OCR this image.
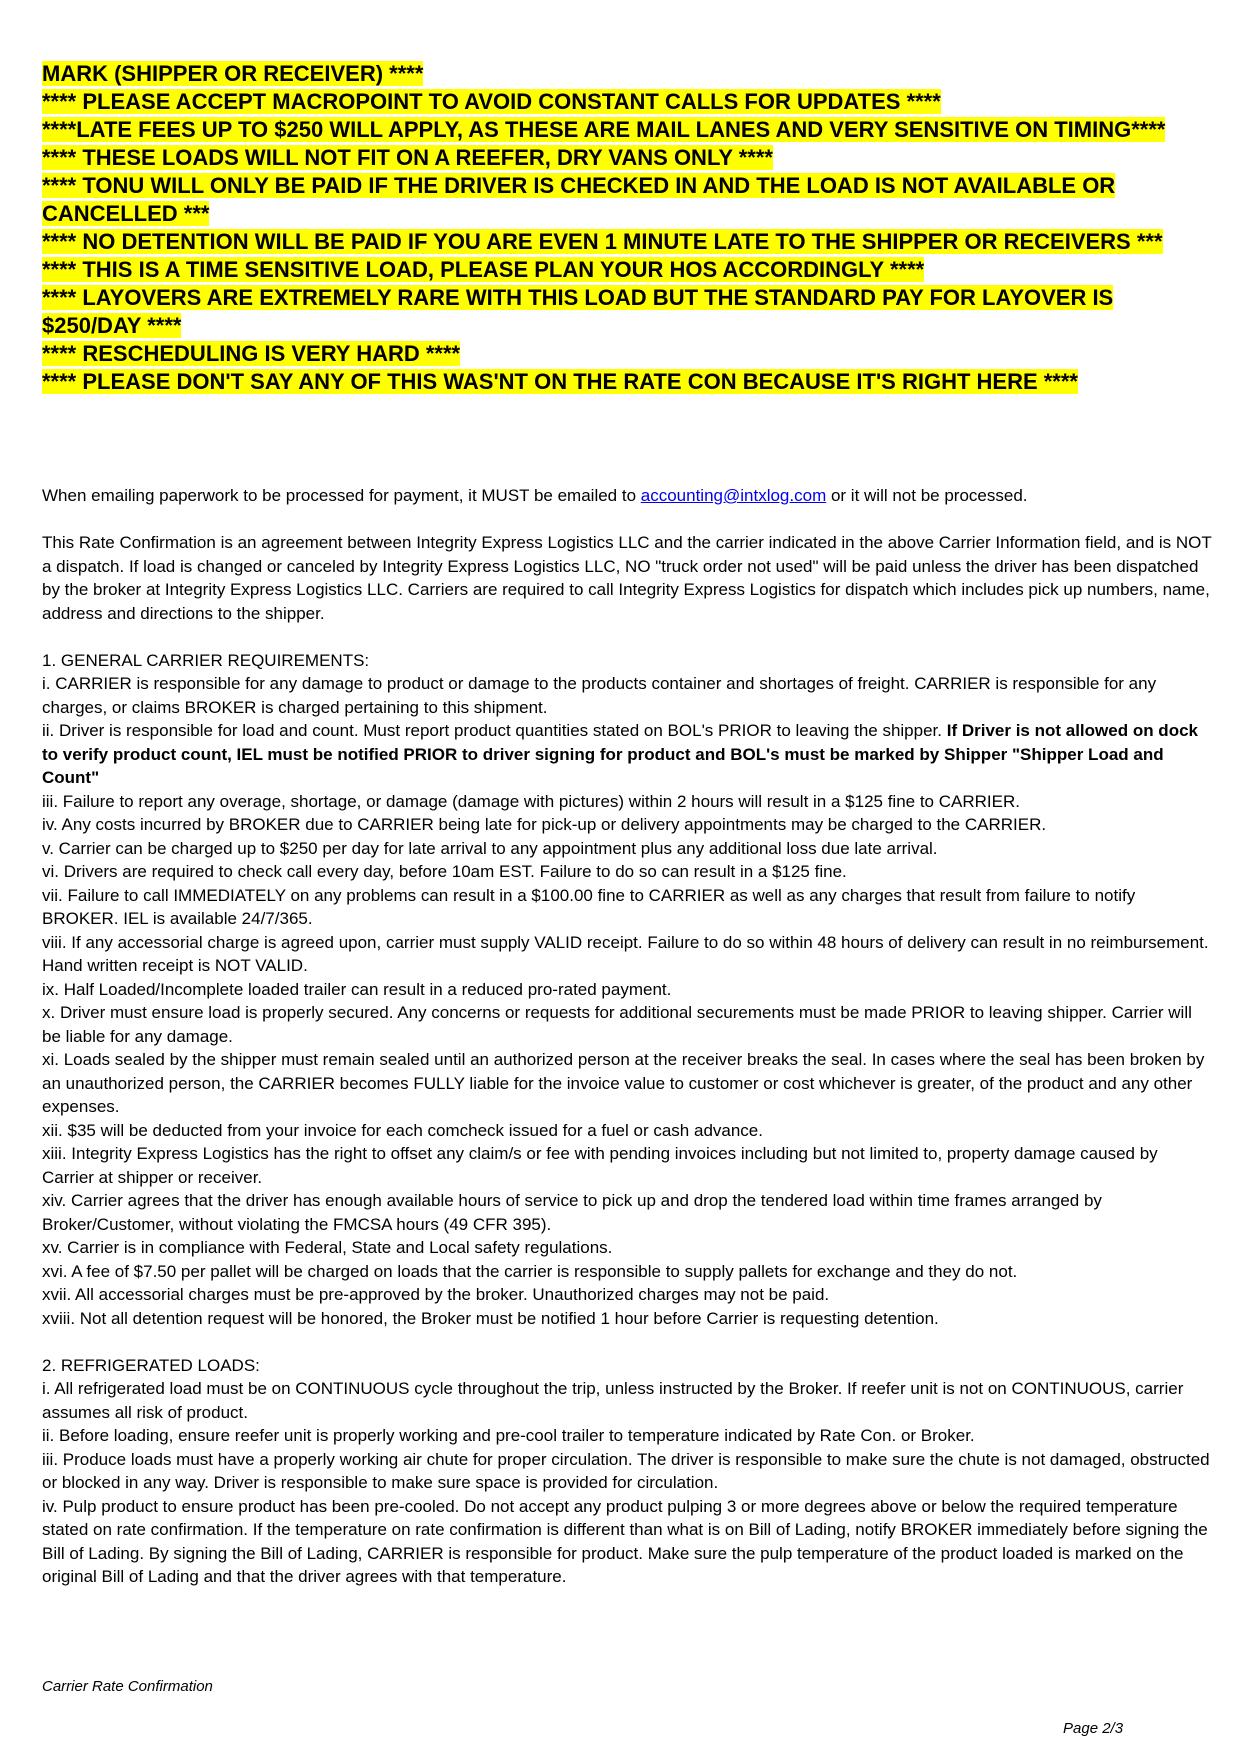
MARK (SHIPPER OR RECEIVER) ****
**** PLEASE ACCEPT MACROPOINT TO AVOID CONSTANT CALLS FOR UPDATES ****
****LATE FEES UP TO $250 WILL APPLY, AS THESE ARE MAIL LANES AND VERY SENSITIVE ON TIMING****
**** THESE LOADS WILL NOT FIT ON A REEFER, DRY VANS ONLY ****
**** TONU WILL ONLY BE PAID IF THE DRIVER IS CHECKED IN AND THE LOAD IS NOT AVAILABLE OR CANCELLED ***
**** NO DETENTION WILL BE PAID IF YOU ARE EVEN 1 MINUTE LATE TO THE SHIPPER OR RECEIVERS ***
**** THIS IS A TIME SENSITIVE LOAD, PLEASE PLAN YOUR HOS ACCORDINGLY ****
**** LAYOVERS ARE EXTREMELY RARE WITH THIS LOAD BUT THE STANDARD PAY FOR LAYOVER IS $250/DAY ****
**** RESCHEDULING IS VERY HARD ****
**** PLEASE DON'T SAY ANY OF THIS WAS'NT ON THE RATE CON BECAUSE IT'S RIGHT HERE ****

When emailing paperwork to be processed for payment, it MUST be emailed to accounting@intxlog.com or it will not be processed.

This Rate Confirmation is an agreement between Integrity Express Logistics LLC and the carrier indicated in the above Carrier Information field, and is NOT a dispatch. If load is changed or canceled by Integrity Express Logistics LLC, NO "truck order not used" will be paid unless the driver has been dispatched by the broker at Integrity Express Logistics LLC. Carriers are required to call Integrity Express Logistics for dispatch which includes pick up numbers, name, address and directions to the shipper.

1. GENERAL CARRIER REQUIREMENTS:

i. CARRIER is responsible for any damage to product or damage to the products container and shortages of freight. CARRIER is responsible for any charges, or claims BROKER is charged pertaining to this shipment.

ii. Driver is responsible for load and count. Must report product quantities stated on BOL's PRIOR to leaving the shipper. If Driver is not allowed on dock to verify product count, IEL must be notified PRIOR to driver signing for product and BOL's must be marked by Shipper "Shipper Load and Count"

iii. Failure to report any overage, shortage, or damage (damage with pictures) within 2 hours will result in a $125 fine to CARRIER.

iv. Any costs incurred by BROKER due to CARRIER being late for pick-up or delivery appointments may be charged to the CARRIER.

v. Carrier can be charged up to $250 per day for late arrival to any appointment plus any additional loss due late arrival.

vi. Drivers are required to check call every day, before 10am EST. Failure to do so can result in a $125 fine.

vii. Failure to call IMMEDIATELY on any problems can result in a $100.00 fine to CARRIER as well as any charges that result from failure to notify BROKER. IEL is available 24/7/365.

viii. If any accessorial charge is agreed upon, carrier must supply VALID receipt. Failure to do so within 48 hours of delivery can result in no reimbursement. Hand written receipt is NOT VALID.

ix. Half Loaded/Incomplete loaded trailer can result in a reduced pro-rated payment.

x. Driver must ensure load is properly secured. Any concerns or requests for additional securements must be made PRIOR to leaving shipper. Carrier will be liable for any damage.

xi. Loads sealed by the shipper must remain sealed until an authorized person at the receiver breaks the seal. In cases where the seal has been broken by an unauthorized person, the CARRIER becomes FULLY liable for the invoice value to customer or cost whichever is greater, of the product and any other expenses.

xii. $35 will be deducted from your invoice for each comcheck issued for a fuel or cash advance.

xiii. Integrity Express Logistics has the right to offset any claim/s or fee with pending invoices including but not limited to, property damage caused by Carrier at shipper or receiver.

xiv. Carrier agrees that the driver has enough available hours of service to pick up and drop the tendered load within time frames arranged by Broker/Customer, without violating the FMCSA hours (49 CFR 395).

xv. Carrier is in compliance with Federal, State and Local safety regulations.

xvi. A fee of $7.50 per pallet will be charged on loads that the carrier is responsible to supply pallets for exchange and they do not.

xvii. All accessorial charges must be pre-approved by the broker. Unauthorized charges may not be paid.

xviii. Not all detention request will be honored, the Broker must be notified 1 hour before Carrier is requesting detention.

2. REFRIGERATED LOADS:

i. All refrigerated load must be on CONTINUOUS cycle throughout the trip, unless instructed by the Broker. If reefer unit is not on CONTINUOUS, carrier assumes all risk of product.

ii. Before loading, ensure reefer unit is properly working and pre-cool trailer to temperature indicated by Rate Con. or Broker.

iii. Produce loads must have a properly working air chute for proper circulation. The driver is responsible to make sure the chute is not damaged, obstructed or blocked in any way. Driver is responsible to make sure space is provided for circulation.

iv. Pulp product to ensure product has been pre-cooled. Do not accept any product pulping 3 or more degrees above or below the required temperature stated on rate confirmation. If the temperature on rate confirmation is different than what is on Bill of Lading, notify BROKER immediately before signing the Bill of Lading. By signing the Bill of Lading, CARRIER is responsible for product. Make sure the pulp temperature of the product loaded is marked on the original Bill of Lading and that the driver agrees with that temperature.

Carrier Rate Confirmation
Page 2/3
